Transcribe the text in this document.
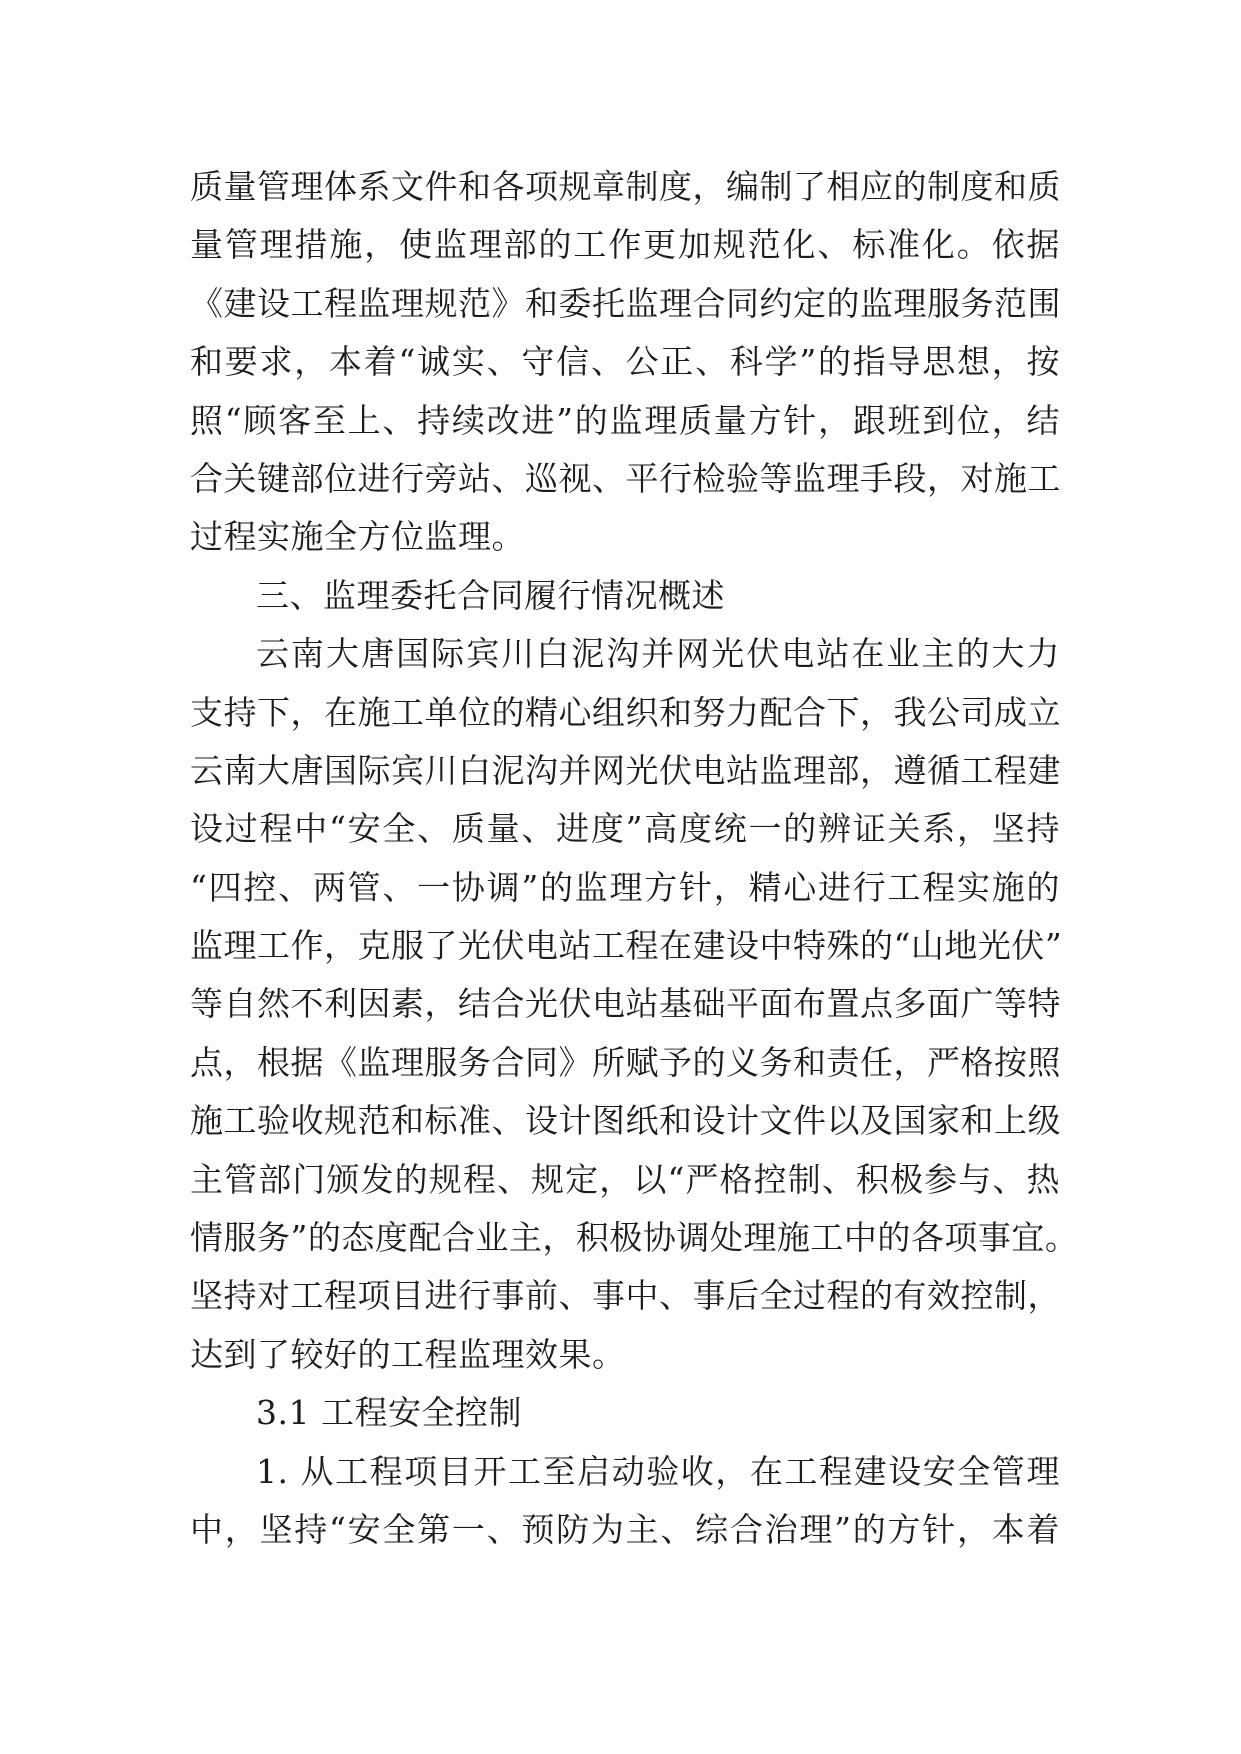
质量管理体系文件和各项规章制度，编制了相应的制度和质
量管理措施，使监理部的工作更加规范化、标准化。依据
《建设工程监理规范》和委托监理合同约定的监理服务范围
和要求，本着“诚实、守信、公正、科学”的指导思想，按
照“顾客至上、持续改进”的监理质量方针，跟班到位，结
合关键部位进行旁站、巡视、平行检验等监理手段，对施工
过程实施全方位监理。
三、监理委托合同履行情况概述
云南大唐国际宾川白泥沟并网光伏电站在业主的大力
支持下，在施工单位的精心组织和努力配合下，我公司成立
云南大唐国际宾川白泥沟并网光伏电站监理部，遵循工程建
设过程中“安全、质量、进度”高度统一的辨证关系，坚持
“四控、两管、一协调”的监理方针，精心进行工程实施的
监理工作，克服了光伏电站工程在建设中特殊的“山地光伏”
等自然不利因素，结合光伏电站基础平面布置点多面广等特
点，根据《监理服务合同》所赋予的义务和责任，严格按照
施工验收规范和标准、设计图纸和设计文件以及国家和上级
主管部门颁发的规程、规定，以“严格控制、积极参与、热
情服务”的态度配合业主，积极协调处理施工中的各项事宜。
坚持对工程项目进行事前、事中、事后全过程的有效控制，
达到了较好的工程监理效果。
3.1 工程安全控制
1. 从工程项目开工至启动验收，在工程建设安全管理
中，坚持“安全第一、预防为主、综合治理”的方针，本着
